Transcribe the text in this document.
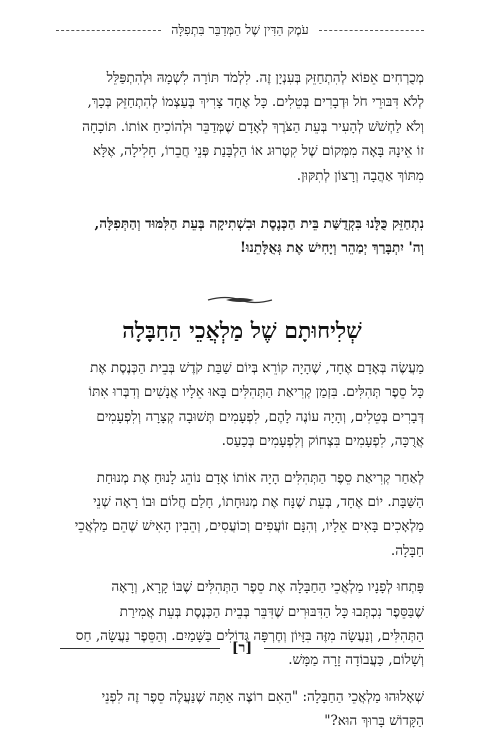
עֹמֶק הַדִּין שֶׁל הַמְּדַבֵּר בִּתְפִלָּה
מְכֻרְחִים אֵפוֹא לְהִתְחַזֵּק בְּעִנְיָן זֶה. לִלְמֹד תּוֹרָה לִשְׁמָהּ וּלְהִתְפַּלֵּל
לְלֹא דִּבּוּרֵי חֹל וּדְבָרִים בְּטֵלִים. כָּל אֶחָד צָרִיךְ בְּעַצְמוֹ לְהִתְחַזֵּק בְּכָךְ,
וְלֹא לַחְשֹׁשׁ לְהָעִיר בְּעֵת הַצֹּרֶךְ לְאָדָם שֶׁמְּדַבֵּר וּלְהוֹכִיחַ אוֹתוֹ. תּוֹכָחָה
זוֹ אֵינָהּ בָּאָה מִמְּקוֹם שֶׁל קִטְרוּג אוֹ הַלְבָּנַת פְּנֵי חֲבֵרוֹ, חָלִילָה, אֶלָּא
מִתּוֹךְ אַהֲבָה וְרָצוֹן לְתִקּוּן.
נִתְחַזֵּק כֻּלָּנוּ בִּקְדֻשַּׁת בֵּית הַכְּנֶסֶת וּבִשְׁתִיקָה בְּעֵת הַלִּמּוּד וְהַתְּפִלָּה,
וְה' יִתְבָּרַךְ יְמַהֵר וְיָחִישׁ אֶת גְּאֻלָּתֵנוּ!
שְׁלִיחוּתָם שֶׁל מַלְאֲכֵי הַחַבָּלָה
מַעֲשֶׂה בְּאָדָם אֶחָד, שֶׁהָיָה קוֹרֵא בְּיוֹם שַׁבַּת קֹדֶשׁ בְּבֵית הַכְּנֶסֶת אֶת
כָּל סֵפֶר תְּהִלִּים. בִּזְמַן קְרִיאַת הַתְּהִלִּים בָּאוּ אֵלָיו אֲנָשִׁים וְדִבְּרוּ אִתּוֹ
דְּבָרִים בְּטֵלִים, וְהָיָה עוֹנֶה לָהֶם, לִפְעָמִים תְּשׁוּבָה קְצָרָה וְלִפְעָמִים
אֲרֻכָּה, לִפְעָמִים בִּצְחוֹק וְלִפְעָמִים בְּכַעַס.
לְאַחַר קְרִיאַת סֵפֶר הַתְּהִלִּים הָיָה אוֹתוֹ אָדָם נוֹהֵג לָנוּחַ אֶת מְנוּחַת
הַשַּׁבָּת. יוֹם אֶחָד, בְּעֵת שֶׁנָּח אֶת מְנוּחָתוֹ, חָלַם חֲלוֹם וּבוֹ רָאָה שְׁנֵי
מַלְאָכִים בָּאִים אֵלָיו, וְהִנָּם זוֹעֲפִים וְכוֹעֲסִים, וְהֵבִין הָאִישׁ שֶׁהֵם מַלְאֲכֵי
חַבָּלָה.
פָּתְחוּ לְפָנָיו מַלְאֲכֵי הַחַבָּלָה אֶת סֵפֶר הַתְּהִלִּים שֶׁבּוֹ קָרָא, וְרָאָה
שֶׁבַּסֵּפֶר נִכְתְּבוּ כָּל הַדִּבּוּרִים שֶׁדִּבֵּר בְּבֵית הַכְּנֶסֶת בְּעֵת אֲמִירַת
הַתְּהִלִּים, וְנַעֲשָׂה מִזֶּה בִּזָּיוֹן וְחֶרְפָּה גְּדוֹלִים בַּשָּׁמַיִם. וְהַסֵּפֶר נַעֲשָׂה, חַס
וְשָׁלוֹם, כַּעֲבוֹדָה זָרָה מַמָּשׁ.
[ר]
שְׁאָלוּהוּ מַלְאֲכֵי הַחַבָּלָה: "הַאִם רוֹצֶה אַתָּה שֶׁנַּעֲלֶה סֵפֶר זֶה לִפְנֵי
הַקָּדוֹשׁ בָּרוּךְ הוּא?"
